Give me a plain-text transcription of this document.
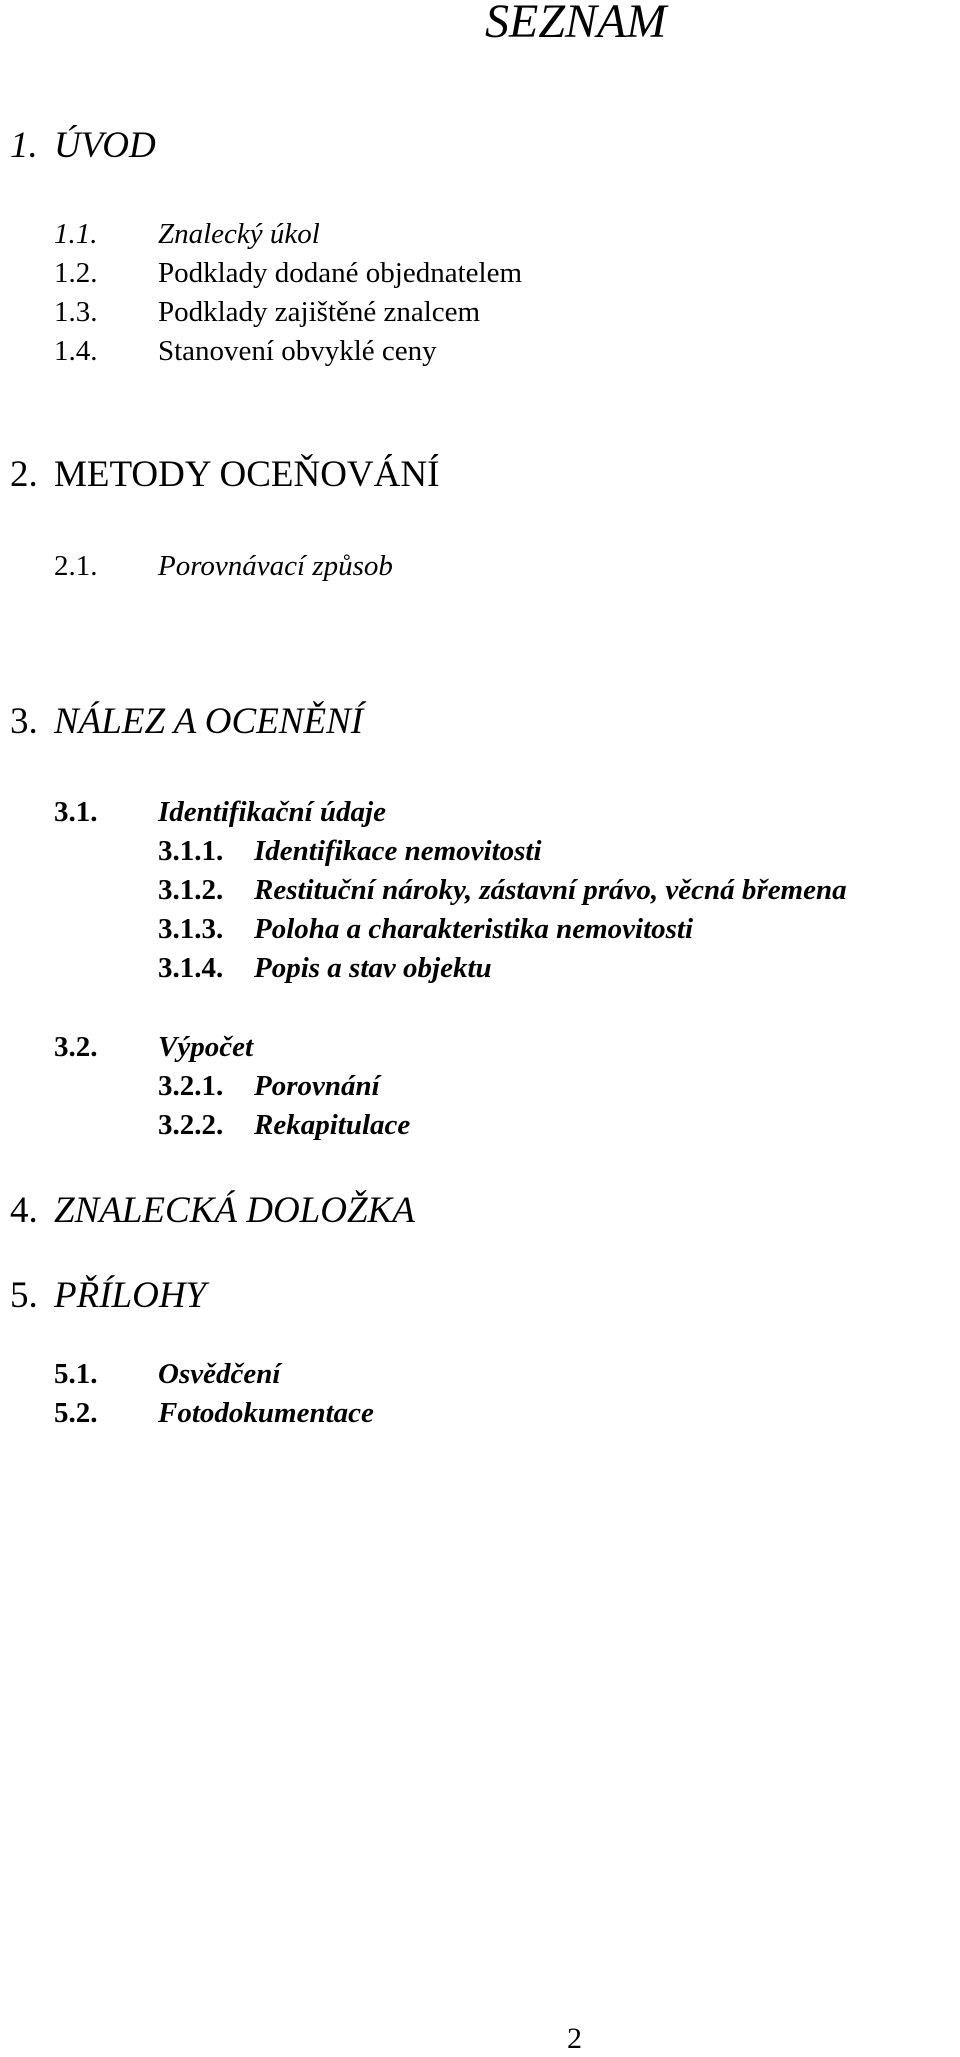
SEZNAM
1. ÚVOD
1.1. Znalecký úkol
1.2. Podklady dodané objednatelem
1.3. Podklady zajištěné znalcem
1.4. Stanovení obvyklé ceny
2. METODY OCEŇOVÁNÍ
2.1. Porovnávací způsob
3. NÁLEZ A OCENĚNÍ
3.1. Identifikační údaje
3.1.1. Identifikace nemovitosti
3.1.2. Restituční nároky, zástavní právo, věcná břemena
3.1.3. Poloha a charakteristika nemovitosti
3.1.4. Popis a stav objektu
3.2. Výpočet
3.2.1. Porovnání
3.2.2. Rekapitulace
4. ZNALECKÁ DOLOŽKA
5. PŘÍLOHY
5.1. Osvědčení
5.2. Fotodokumentace
2
